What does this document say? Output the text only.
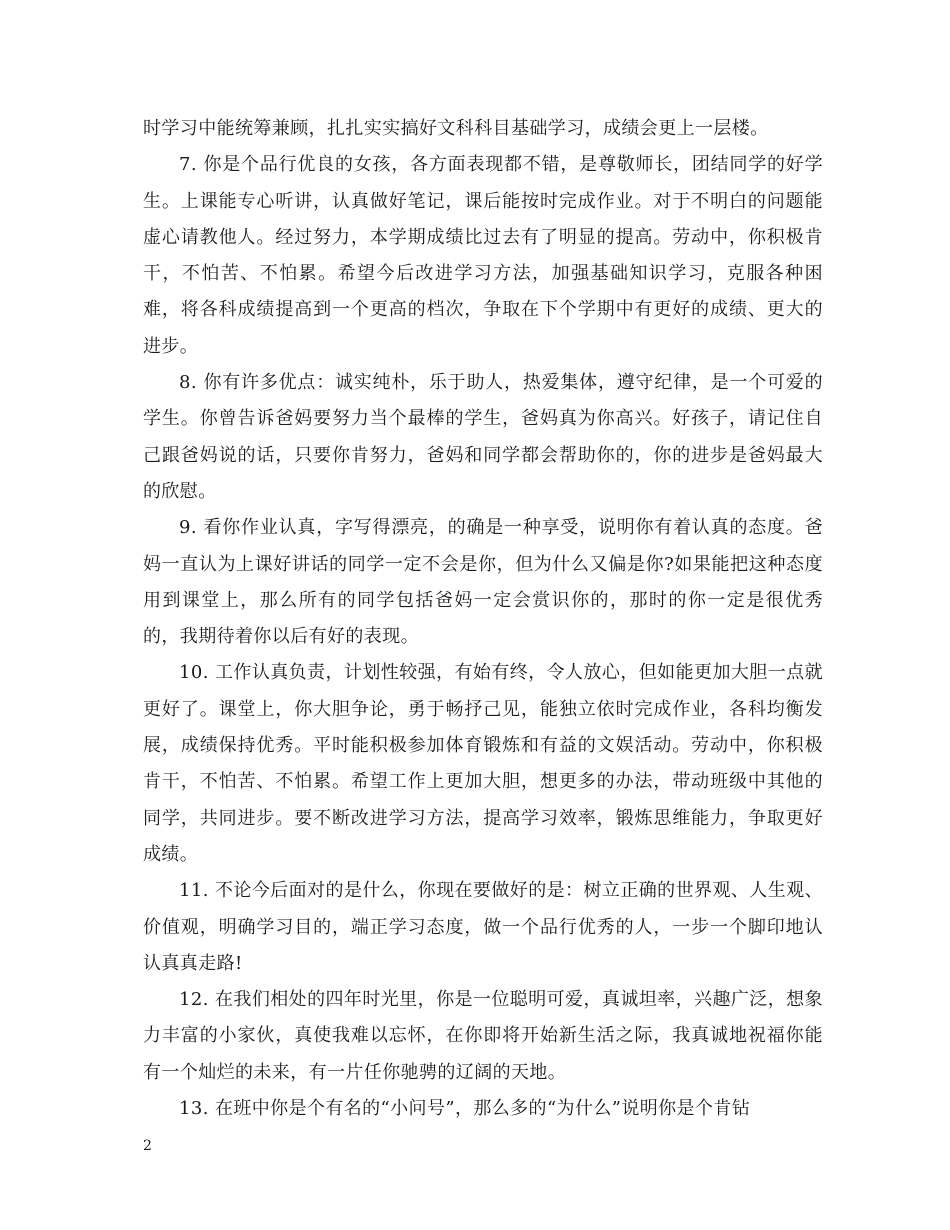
时学习中能统筹兼顾，扎扎实实搞好文科科目基础学习，成绩会更上一层楼。

7. 你是个品行优良的女孩，各方面表现都不错，是尊敬师长，团结同学的好学生。上课能专心听讲，认真做好笔记，课后能按时完成作业。对于不明白的问题能虚心请教他人。经过努力，本学期成绩比过去有了明显的提高。劳动中，你积极肯干，不怕苦、不怕累。希望今后改进学习方法，加强基础知识学习，克服各种困难，将各科成绩提高到一个更高的档次，争取在下个学期中有更好的成绩、更大的进步。

8. 你有许多优点：诚实纯朴，乐于助人，热爱集体，遵守纪律，是一个可爱的学生。你曾告诉爸妈要努力当个最棒的学生，爸妈真为你高兴。好孩子，请记住自己跟爸妈说的话，只要你肯努力，爸妈和同学都会帮助你的，你的进步是爸妈最大的欣慰。

9. 看你作业认真，字写得漂亮，的确是一种享受，说明你有着认真的态度。爸妈一直认为上课好讲话的同学一定不会是你，但为什么又偏是你?如果能把这种态度用到课堂上，那么所有的同学包括爸妈一定会赏识你的，那时的你一定是很优秀的，我期待着你以后有好的表现。

10. 工作认真负责，计划性较强，有始有终，令人放心，但如能更加大胆一点就更好了。课堂上，你大胆争论，勇于畅抒己见，能独立依时完成作业，各科均衡发展，成绩保持优秀。平时能积极参加体育锻炼和有益的文娱活动。劳动中，你积极肯干，不怕苦、不怕累。希望工作上更加大胆，想更多的办法，带动班级中其他的同学，共同进步。要不断改进学习方法，提高学习效率，锻炼思维能力，争取更好成绩。

11. 不论今后面对的是什么，你现在要做好的是：树立正确的世界观、人生观、价值观，明确学习目的，端正学习态度，做一个品行优秀的人，一步一个脚印地认认真真走路!

12. 在我们相处的四年时光里，你是一位聪明可爱，真诚坦率，兴趣广泛，想象力丰富的小家伙，真使我难以忘怀，在你即将开始新生活之际，我真诚地祝福你能有一个灿烂的未来，有一片任你驰骋的辽阔的天地。

13. 在班中你是个有名的“小问号”，那么多的“为什么”说明你是个肯钻

2
